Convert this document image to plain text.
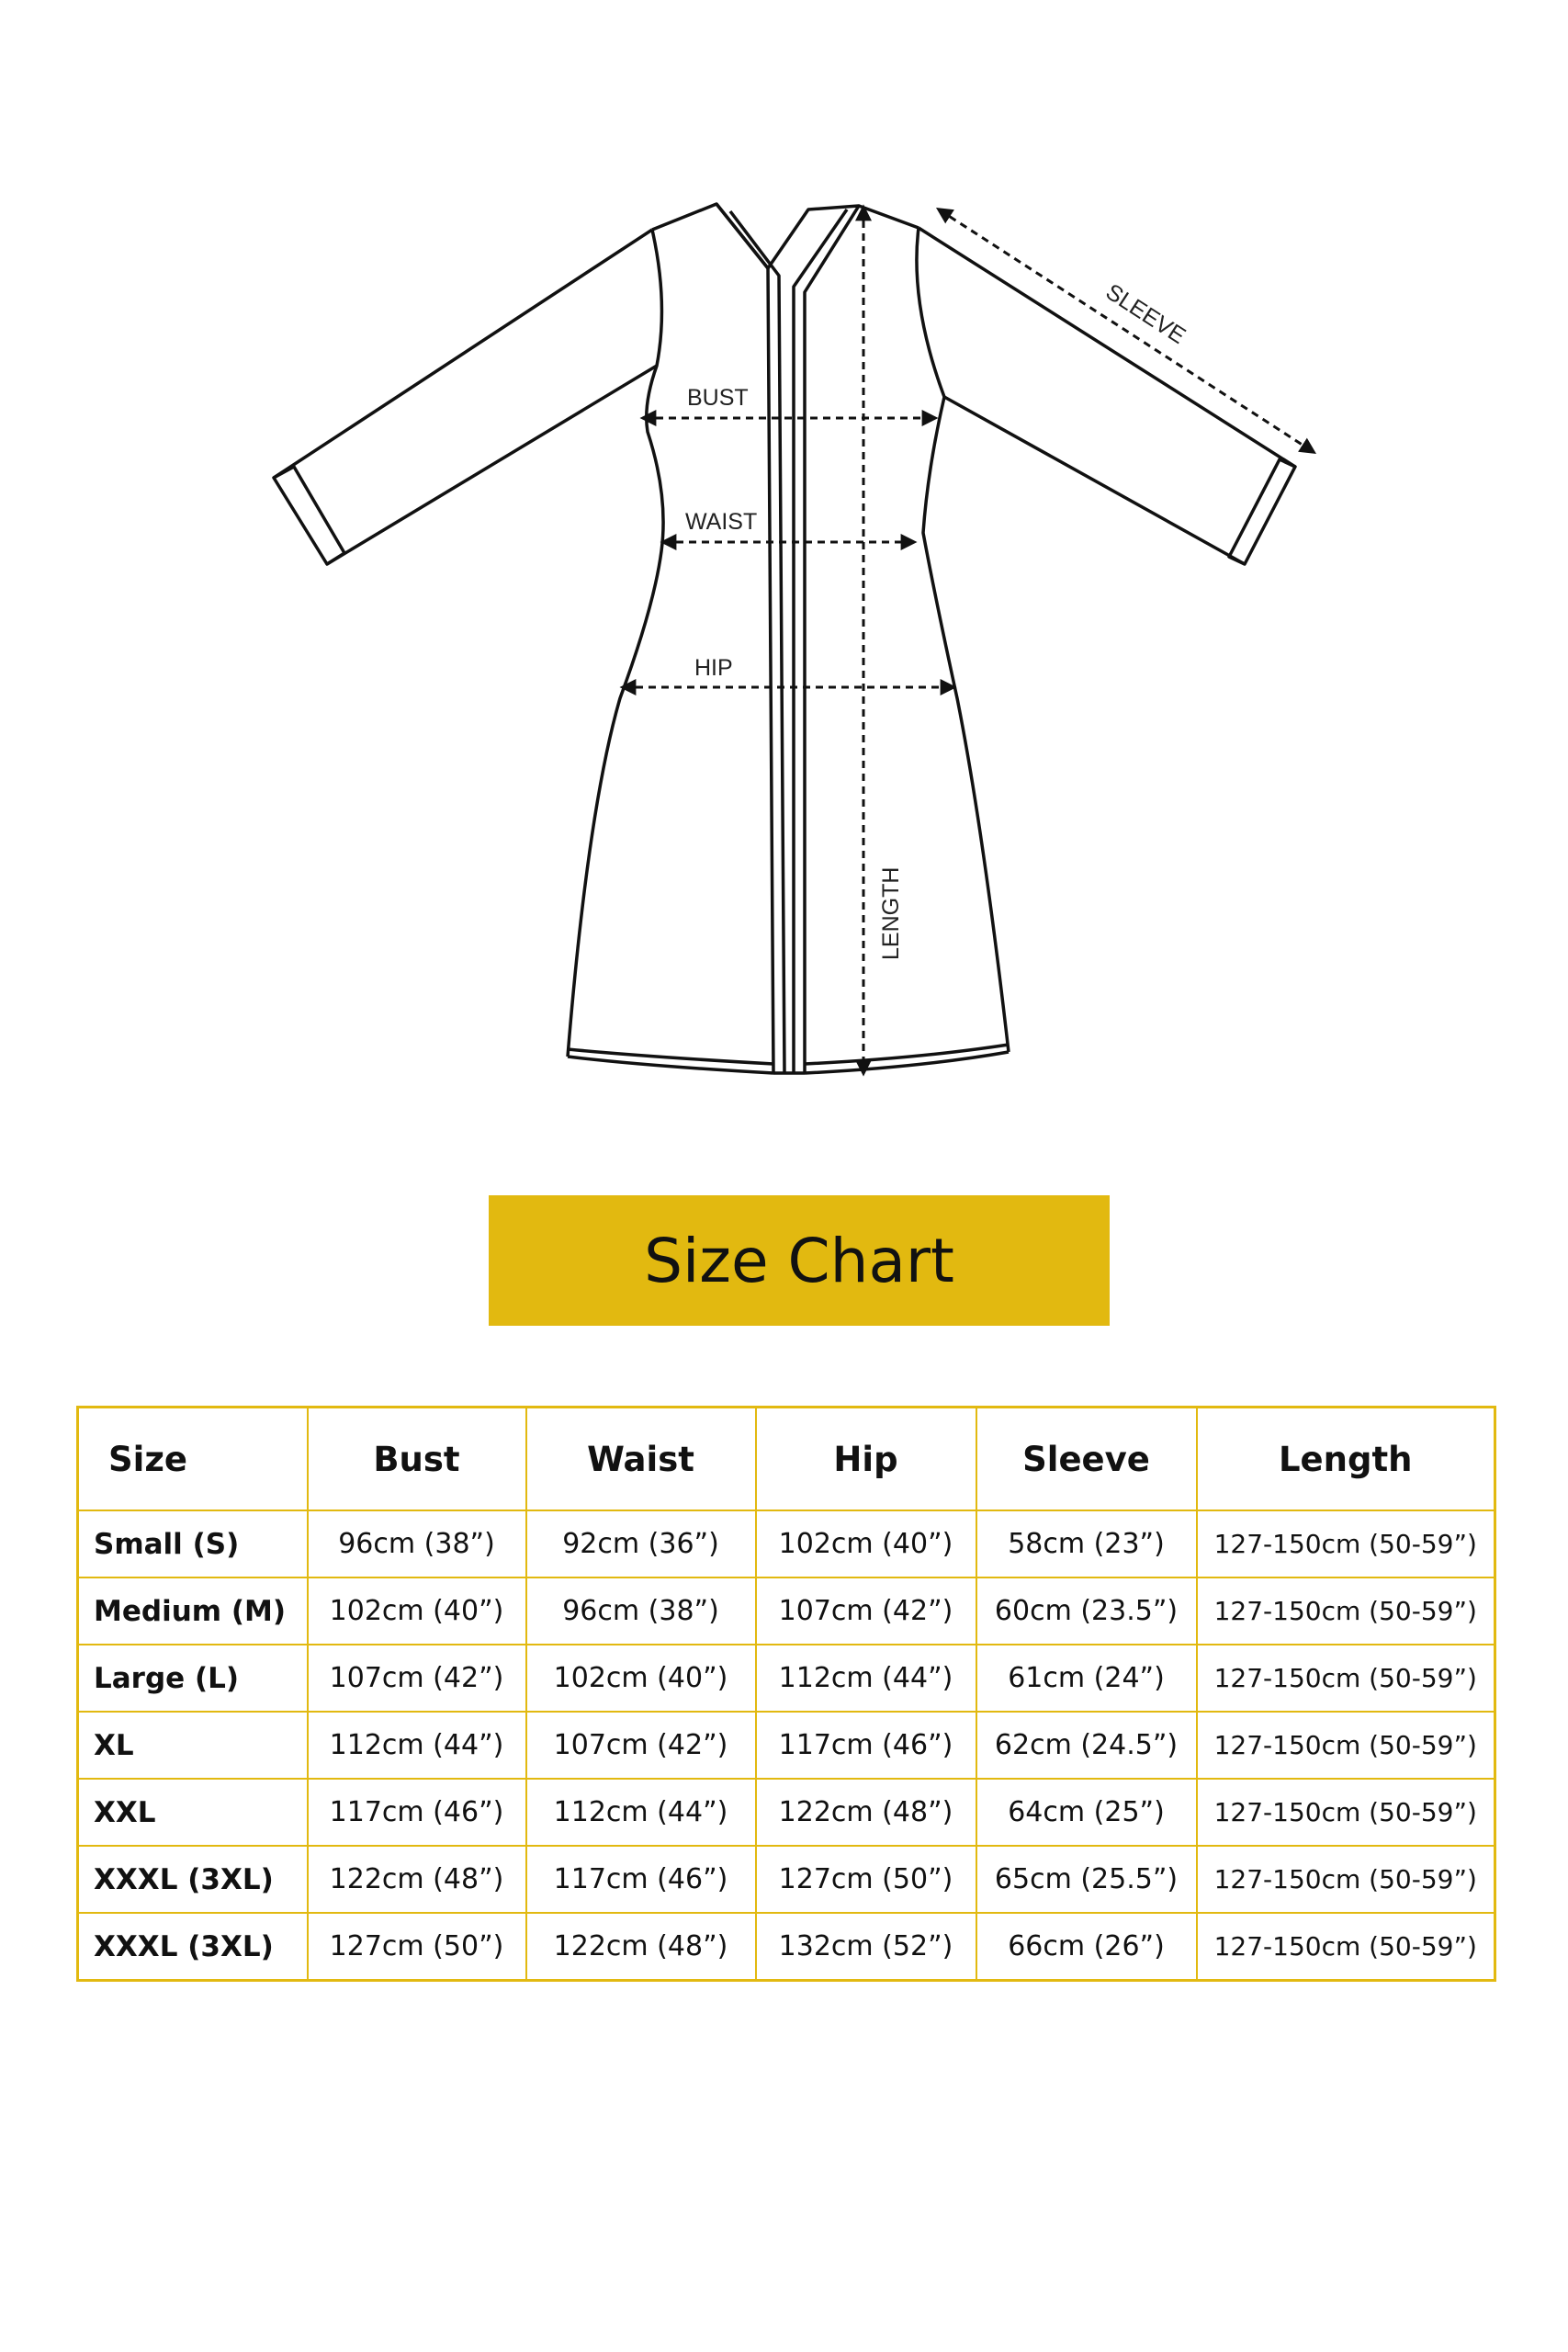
BUST
WAIST
HIP
LENGTH
SLEEVE
Size Chart
Size	Bust	Waist	Hip	Sleeve	Length
Small (S)	96cm (38”)	92cm (36”)	102cm (40”)	58cm (23”)	127-150cm (50-59”)
Medium (M)	102cm (40”)	96cm (38”)	107cm (42”)	60cm (23.5”)	127-150cm (50-59”)
Large (L)	107cm (42”)	102cm (40”)	112cm (44”)	61cm (24”)	127-150cm (50-59”)
XL	112cm (44”)	107cm (42”)	117cm (46”)	62cm (24.5”)	127-150cm (50-59”)
XXL	117cm (46”)	112cm (44”)	122cm (48”)	64cm (25”)	127-150cm (50-59”)
XXXL (3XL)	122cm (48”)	117cm (46”)	127cm (50”)	65cm (25.5”)	127-150cm (50-59”)
XXXL (3XL)	127cm (50”)	122cm (48”)	132cm (52”)	66cm (26”)	127-150cm (50-59”)
